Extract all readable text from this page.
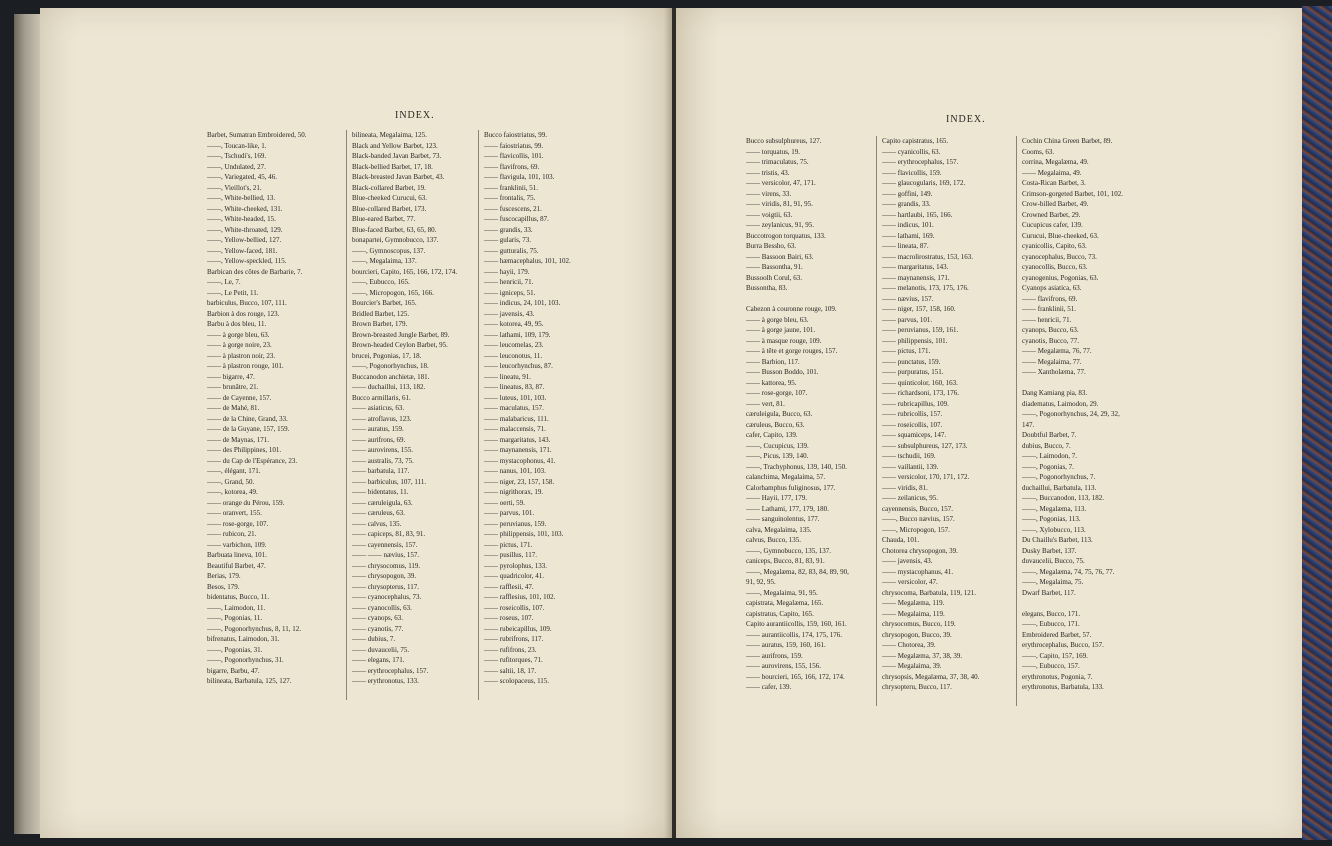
INDEX.
Barbet, Sumatran Embroidered, 50.
——, Toucan-like, 1.
——, Tschudi's, 169.
——, Undulated, 27.
——, Variegated, 45, 46.
——, Vieillot's, 21.
——, White-bellied, 13.
——, White-cheeked, 131.
——, White-headed, 15.
——, White-throated, 129.
——, Yellow-bellied, 127.
——, Yellow-faced, 181.
——, Yellow-speckled, 115.
Barbican des côtes de Barbarie, 7.
——, Le, 7.
——, Le Petit, 11.
barbiculus, Bucco, 107, 111.
Barbion à dos rouge, 123.
Barbu à dos bleu, 11.
—— à gorge bleu, 63.
—— à gorge noire, 23.
—— à plastron noir, 23.
—— à plastron rouge, 101.
—— bigarre, 47.
—— brunâtre, 21.
—— de Cayenne, 157.
—— de Mahé, 81.
—— de la Chine, Grand, 33.
—— de la Guyane, 157, 159.
—— de Maynas, 171.
—— des Philippines, 101.
—— du Cap de l'Espérance, 23.
——, élégant, 171.
——, Grand, 50.
——, kotorea, 49.
—— orange du Pérou, 159.
—— oranvert, 155.
—— rose-gorge, 107.
—— rubicon, 21.
—— varbichon, 109.
Barbuata lineva, 101.
Beautiful Barbet, 47.
Berias, 179.
Besos, 179.
bidentatus, Bucco, 11.
——, Laimodon, 11.
——, Pogonias, 11.
——, Pogonorhynchus, 8, 11, 12.
bifrenatus, Laimodon, 31.
——, Pogonias, 31.
——, Pogonorhynchus, 31.
bigarre, Barbu, 47.
bilineata, Barbatula, 125, 127.
bilineata, Megalaima, 125.
Black and Yellow Barbet, 123.
Black-banded Javan Barbet, 73.
Black-bellied Barbet, 17, 18.
Black-breasted Javan Barbet, 43.
Black-collared Barbet, 19.
Blue-cheeked Curucui, 63.
Blue-collared Barbet, 173.
Blue-eared Barbet, 77.
Blue-faced Barbet, 63, 65, 80.
bonapartei, Gymnobucco, 137.
——, Gymnoscopus, 137.
——, Megalaima, 137.
bourcieri, Capito, 165, 166, 172, 174.
——, Eubucco, 165.
——, Micropogon, 165, 166.
Bourcier's Barbet, 165.
Bridled Barbet, 125.
Brown Barbet, 179.
Brown-breasted Jungle Barbet, 89.
Brown-headed Ceylon Barbet, 95.
brucei, Pogonias, 17, 18.
——, Pogonorhynchus, 18.
Buccanodon anchietæ, 181.
—— duchaillui, 113, 182.
Bucco armillaris, 61.
—— asiaticus, 63.
—— atroflavus, 123.
—— auratus, 159.
—— aurifrons, 69.
—— aurovirens, 155.
—— australis, 73, 75.
—— barbatula, 117.
—— barbiculus, 107, 111.
—— bidentatus, 11.
—— cæruleigula, 63.
—— cæruleus, 63.
—— calvus, 135.
—— capiceps, 81, 83, 91.
—— cayennensis, 157.
—— —— nævius, 157.
—— chrysocomus, 119.
—— chrysopogon, 39.
—— chrysopterus, 117.
—— cyanocephalus, 73.
—— cyanocollis, 63.
—— cyanops, 63.
—— cyanotis, 77.
—— dubius, 7.
—— duvaucelii, 75.
—— elegans, 171.
—— erythrocephalus, 157.
—— erythronotus, 133.
Bucco faiostriatus, 99.
—— faiostriatus, 99.
—— flavicollis, 101.
—— flavifrons, 69.
—— flavigula, 101, 103.
—— franklinii, 51.
—— frontalis, 75.
—— fuscescens, 21.
—— fuscocapillus, 87.
—— grandis, 33.
—— gularis, 73.
—— gutturalis, 75.
—— hæmacephalus, 101, 102.
—— hayii, 179.
—— henricii, 71.
—— igniceps, 51.
—— indicus, 24, 101, 103.
—— javensis, 43.
—— kotorea, 49, 95.
—— lathami, 109, 179.
—— leucomelas, 23.
—— leuconotus, 11.
—— leucorhynchus, 87.
—— lineatu, 91.
—— lineatus, 83, 87.
—— luteus, 101, 103.
—— maculatus, 157.
—— malabaricus, 111.
—— malaccensis, 71.
—— margaritatus, 143.
—— maynanensis, 171.
—— mystacophonus, 41.
—— nanus, 101, 103.
—— niger, 23, 157, 158.
—— nigrithorax, 19.
—— oerti, 59.
—— parvus, 101.
—— peruvianus, 159.
—— philippensis, 101, 103.
—— pictus, 171.
—— pusillus, 117.
—— pyrolophus, 133.
—— quadricolor, 41.
—— rafflesii, 47.
—— rafflesius, 101, 102.
—— roseicollis, 107.
—— roseus, 107.
—— rubeicapillus, 109.
—— rubrifrons, 117.
—— rufifrons, 23.
—— rufitorques, 71.
—— saltii, 18, 17.
—— scolopaceus, 115.
INDEX.
Bucco subsulphureus, 127.
—— torquatus, 19.
—— trimaculatus, 75.
—— tristis, 43.
—— versicolor, 47, 171.
—— virens, 33.
—— viridis, 81, 91, 95.
—— voigtii, 63.
—— zeylanicus, 91, 95.
Buccotrogon torquatus, 133.
Burra Bessho, 63.
—— Bassoon Bairi, 63.
—— Bassontha, 91.
Bussoolh Corul, 63.
Bussontha, 83.
Cabezon à couronne rouge, 109.
—— à gorge bleu, 63.
—— à gorge jaune, 101.
—— à masque rouge, 109.
—— à tête et gorge rouges, 157.
—— Barbion, 117.
—— Busson Boddo, 101.
—— kattorea, 95.
—— rose-gorge, 107.
—— vert, 81.
cæruleigula, Bucco, 63.
cæruleus, Bucco, 63.
cafer, Capito, 139.
——, Cucupicus, 139.
——, Picus, 139, 140.
——, Trachyphonus, 139, 140, 150.
calanchima, Megalaima, 57.
Calorhamphus fuliginosus, 177.
—— Hayii, 177, 179.
—— Lathami, 177, 179, 180.
—— sanguinolentus, 177.
calva, Megalaima, 135.
calvus, Bucco, 135.
——, Gymnobucco, 135, 137.
caniceps, Bucco, 81, 83, 91.
——, Megalæma, 82, 83, 84, 89, 90,
91, 92, 95.
——, Megalaima, 91, 95.
capistrata, Megalæma, 165.
capistratus, Capito, 165.
Capito aurantiicollis, 159, 160, 161.
—— aurantiicollis, 174, 175, 176.
—— auratus, 159, 160, 161.
—— aurifrons, 159.
—— aurovirens, 155, 156.
—— bourcieri, 165, 166, 172, 174.
—— cafer, 139.
Capito capistratus, 165.
—— cyanicollis, 63.
—— erythrocephalus, 157.
—— flavicollis, 159.
—— glaucogularis, 169, 172.
—— goffini, 149.
—— grandis, 33.
—— hartlaubi, 165, 166.
—— indicus, 101.
—— lathami, 169.
—— lineata, 87.
—— macrolirostratus, 153, 163.
—— margaritatus, 143.
—— maynanensis, 171.
—— melanotis, 173, 175, 176.
—— nævius, 157.
—— niger, 157, 158, 160.
—— parvus, 101.
—— peruvianus, 159, 161.
—— philippensis, 101.
—— pictus, 171.
—— punctatus, 159.
—— purpuratus, 151.
—— quinticolor, 160, 163.
—— richardsoni, 173, 176.
—— rubricapillus, 109.
—— rubricollis, 157.
—— roseicollis, 107.
—— squamiceps, 147.
—— subsulphureus, 127, 173.
—— tschudii, 169.
—— vaillantii, 139.
—— versicolor, 170, 171, 172.
—— viridis, 81.
—— zeilanicus, 95.
cayennensis, Bucco, 157.
——, Bucco nævius, 157.
——, Micropogon, 157.
Chauda, 101.
Chotorea chrysopogon, 39.
—— javensis, 43.
—— mystacophanus, 41.
—— versicolor, 47.
chrysocoma, Barbatula, 119, 121.
—— Megalæma, 119.
—— Megalaima, 119.
chrysocomus, Bucco, 119.
chrysopogon, Bucco, 39.
—— Chotorea, 39.
—— Megalæma, 37, 38, 39.
—— Megalaima, 39.
chrysopsis, Megalæma, 37, 38, 40.
chrysopteru, Bucco, 117.
Cochin China Green Barbet, 89.
Cooms, 63.
corrina, Megalæma, 49.
—— Megalaima, 49.
Costa-Rican Barbet, 3.
Crimson-gorgeted Barbet, 101, 102.
Crow-billed Barbet, 49.
Crowned Barbet, 29.
Cucupicus cafer, 139.
Curucui, Blue-cheeked, 63.
cyanicollis, Capito, 63.
cyanocephalus, Bucco, 73.
cyanocollis, Bucco, 63.
cyanogenius, Pogonias, 63.
Cyanops asiatica, 63.
—— flavifrons, 69.
—— franklinii, 51.
—— henricii, 71.
cyanops, Bucco, 63.
cyanotis, Bucco, 77.
—— Megalæma, 76, 77.
—— Megalaima, 77.
—— Xantholæma, 77.
Dang Kamiang pia, 83.
diadematus, Laimodon, 29.
——, Pogonorhynchus, 24, 29, 32,
147.
Doubtful Barbet, 7.
dubius, Bucco, 7.
——, Laimodon, 7.
——, Pogonias, 7.
——, Pogonorhynchus, 7.
duchaillui, Barbatula, 113.
——, Buccanodon, 113, 182.
——, Megalæma, 113.
——, Pogonias, 113.
——, Xylobucco, 113.
Du Chaillu's Barbet, 113.
Dusky Barbet, 137.
duvaucelii, Bucco, 75.
——, Megalæma, 74, 75, 76, 77.
——, Megalaima, 75.
Dwarf Barbet, 117.
elegans, Bucco, 171.
——, Eubucco, 171.
Embroidered Barbet, 57.
erythrocephalus, Bucco, 157.
——, Capito, 157, 169.
——, Eubucco, 157.
erythronotus, Pogonia, 7.
erythronotus, Barbatula, 133.
